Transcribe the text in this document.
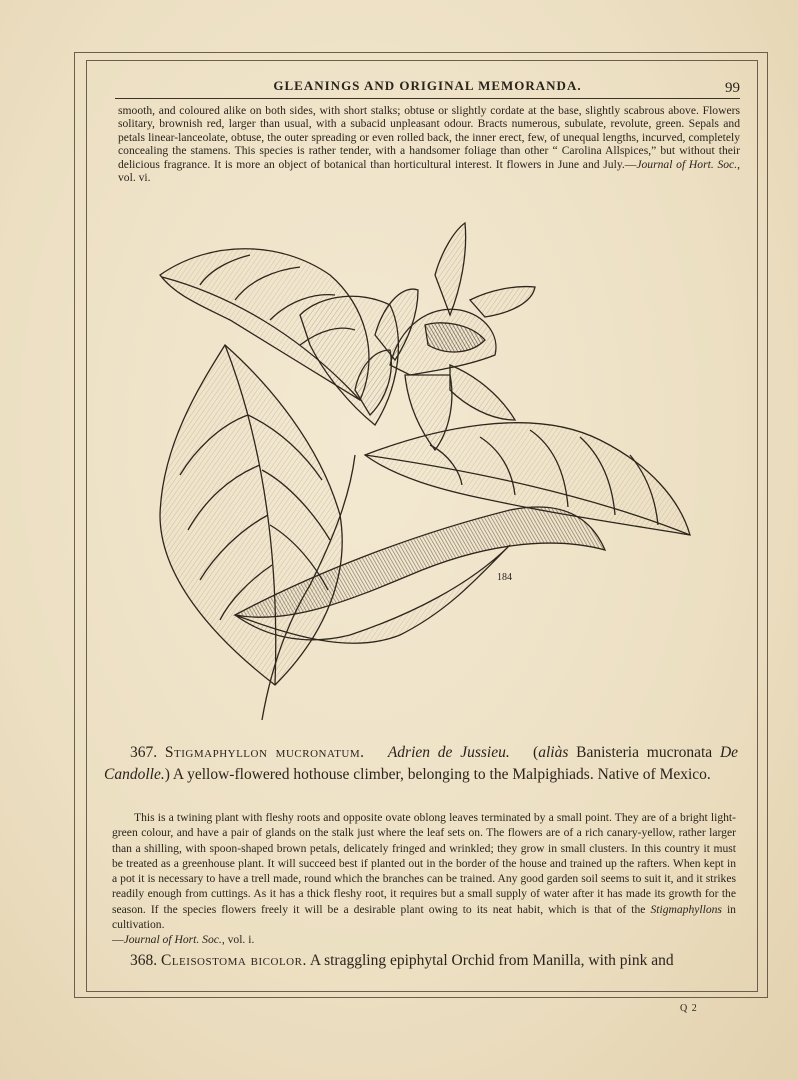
GLEANINGS AND ORIGINAL MEMORANDA.	99
smooth, and coloured alike on both sides, with short stalks; obtuse or slightly cordate at the base, slightly scabrous above. Flowers solitary, brownish red, larger than usual, with a subacid unpleasant odour. Bracts numerous, subulate, revolute, green. Sepals and petals linear-lanceolate, obtuse, the outer spreading or even rolled back, the inner erect, few, of unequal lengths, incurved, completely concealing the stamens. This species is rather tender, with a handsomer foliage than other “ Carolina Allspices,” but without their delicious fragrance. It is more an object of botanical than horticultural interest. It flowers in June and July.—Journal of Hort. Soc., vol. vi.
184
367. Stigmaphyllon mucronatum. Adrien de Jussieu. (aliàs Banisteria mucronata De Candolle.) A yellow-flowered hothouse climber, belonging to the Malpighiads. Native of Mexico.
This is a twining plant with fleshy roots and opposite ovate oblong leaves terminated by a small point. They are of a bright light-green colour, and have a pair of glands on the stalk just where the leaf sets on. The flowers are of a rich canary-yellow, rather larger than a shilling, with spoon-shaped brown petals, delicately fringed and wrinkled; they grow in small clusters. In this country it must be treated as a greenhouse plant. It will succeed best if planted out in the border of the house and trained up the rafters. When kept in a pot it is necessary to have a trell made, round which the branches can be trained. Any good garden soil seems to suit it, and it strikes readily enough from cuttings. As it has a thick fleshy root, it requires but a small supply of water after it has made its growth for the season. If the species flowers freely it will be a desirable plant owing to its neat habit, which is that of the Stigmaphyllons in cultivation.
—Journal of Hort. Soc., vol. i.
368. Cleisostoma bicolor. A straggling epiphytal Orchid from Manilla, with pink and
Q 2
